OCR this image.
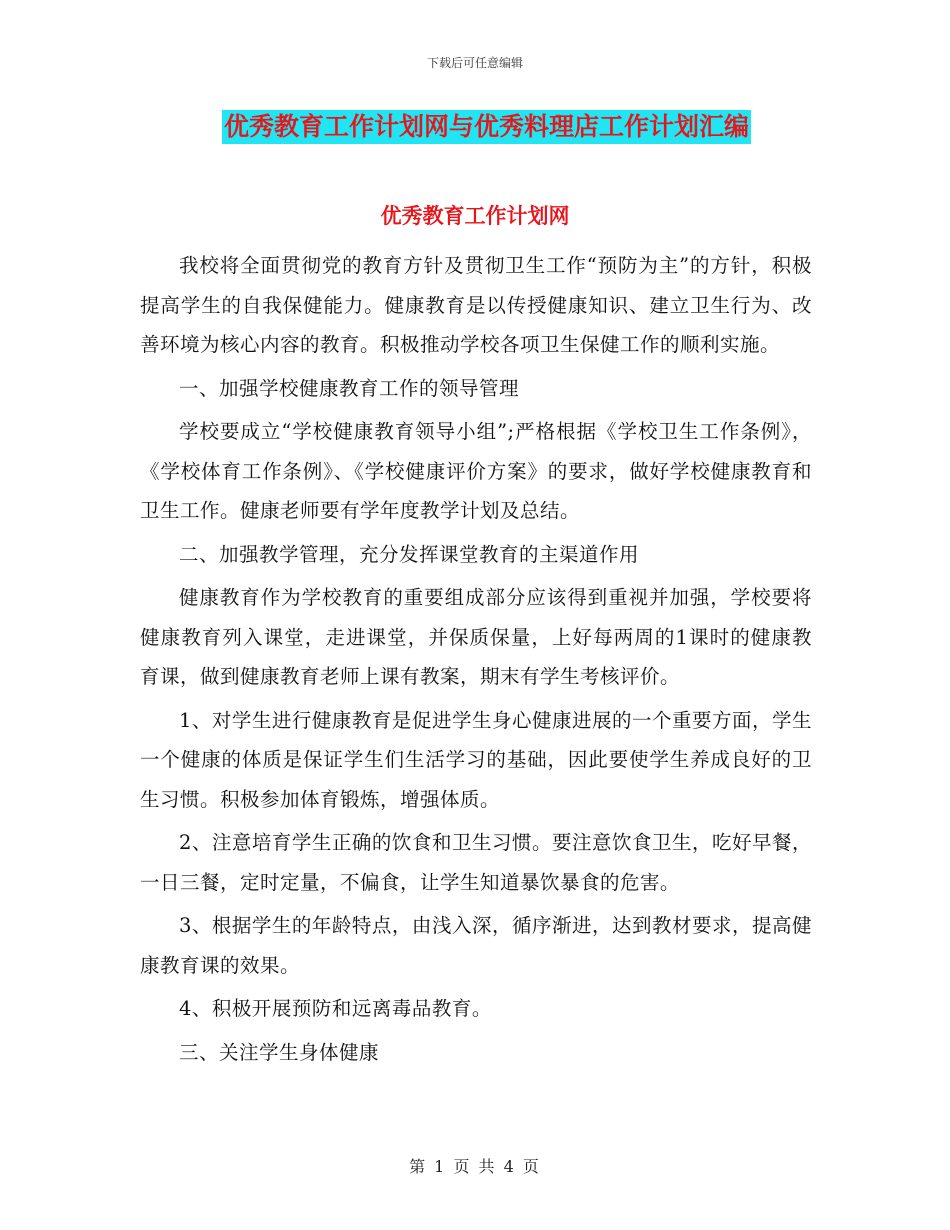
下载后可任意编辑
优秀教育工作计划网与优秀料理店工作计划汇编
优秀教育工作计划网

我校将全面贯彻党的教育方针及贯彻卫生工作“预防为主”的方针，积极提高学生的自我保健能力。健康教育是以传授健康知识、建立卫生行为、改善环境为核心内容的教育。积极推动学校各项卫生保健工作的顺利实施。

一、加强学校健康教育工作的领导管理

学校要成立“学校健康教育领导小组”;严格根据《学校卫生工作条例》，《学校体育工作条例》、《学校健康评价方案》的要求，做好学校健康教育和卫生工作。健康老师要有学年度教学计划及总结。

二、加强教学管理，充分发挥课堂教育的主渠道作用

健康教育作为学校教育的重要组成部分应该得到重视并加强，学校要将健康教育列入课堂，走进课堂，并保质保量，上好每两周的1课时的健康教育课，做到健康教育老师上课有教案，期末有学生考核评价。

1、对学生进行健康教育是促进学生身心健康进展的一个重要方面，学生一个健康的体质是保证学生们生活学习的基础，因此要使学生养成良好的卫生习惯。积极参加体育锻炼，增强体质。

2、注意培育学生正确的饮食和卫生习惯。要注意饮食卫生，吃好早餐，一日三餐，定时定量，不偏食，让学生知道暴饮暴食的危害。

3、根据学生的年龄特点，由浅入深，循序渐进，达到教材要求，提高健康教育课的效果。

4、积极开展预防和远离毒品教育。

三、关注学生身体健康

第 1 页 共 4 页
